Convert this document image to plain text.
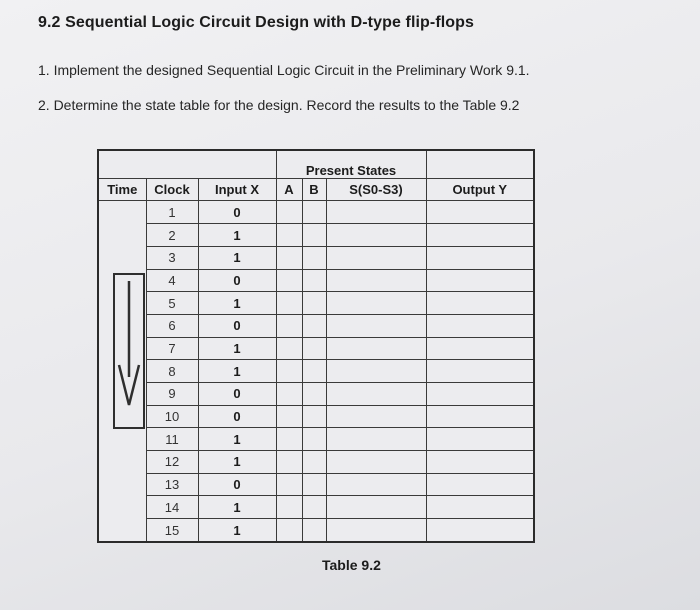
9.2 Sequential Logic Circuit Design with D-type flip-flops
1. Implement the designed Sequential Logic Circuit in the Preliminary Work 9.1.
2. Determine the state table for the design. Record the results to the Table 9.2
			Present States			
Time	Clock	Input X	A	B	S(S0-S3)	Output Y

	1	0				
	2	1				
	3	1				
	4	0				
	5	1				
	6	0				
	7	1				
	8	1				
	9	0				
	10	0				
	11	1				
	12	1				
	13	0				
	14	1				
	15	1				
Table 9.2
